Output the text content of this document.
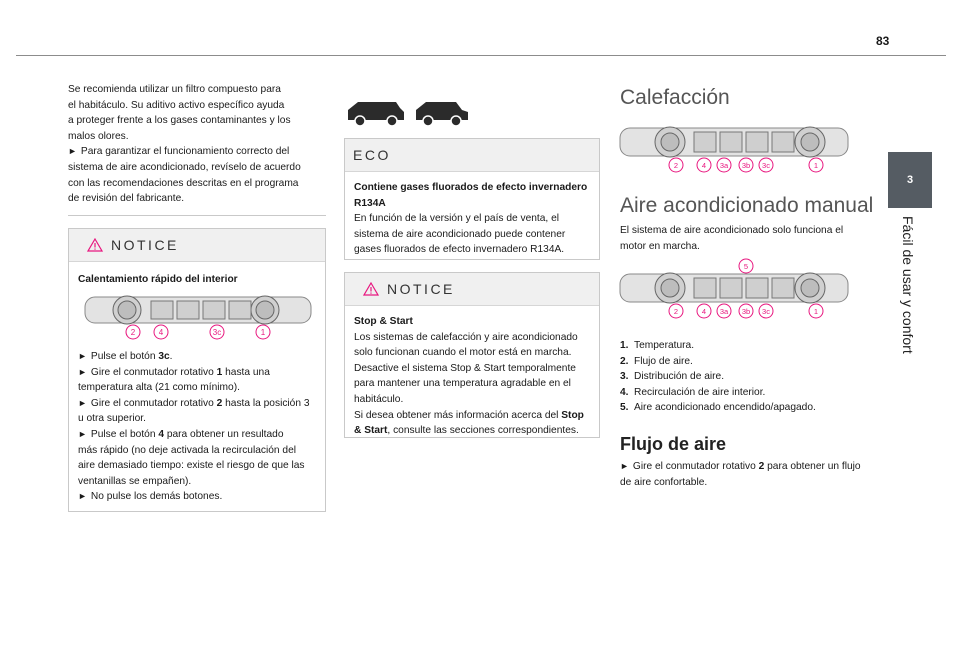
83
3
Fácil de usar y confort
Se recomienda utilizar un filtro compuesto para
el habitáculo. Su aditivo activo específico ayuda
a proteger frente a los gases contaminantes y los
malos olores.
► Para garantizar el funcionamiento correcto del
sistema de aire acondicionado, revíselo de acuerdo
con las recomendaciones descritas en el programa
de revisión del fabricante.
NOTICE

Calentamiento rápido del interior

2	4	3c	1
► Pulse el botón 3c.
► Gire el conmutador rotativo 1 hasta una
temperatura alta (21 como mínimo).
► Gire el conmutador rotativo 2 hasta la posición 3
u otra superior.
► Pulse el botón 4 para obtener un resultado
más rápido (no deje activada la recirculación del
aire demasiado tiempo: existe el riesgo de que las
ventanillas se empañen).
► No pulse los demás botones.
ECO

Contiene gases fluorados de efecto invernadero

R134A

En función de la versión y el país de venta, el

sistema de aire acondicionado puede contener

gases fluorados de efecto invernadero R134A.

NOTICE

Stop & Start

Los sistemas de calefacción y aire acondicionado

solo funcionan cuando el motor está en marcha.

Desactive el sistema Stop & Start temporalmente

para mantener una temperatura agradable en el

habitáculo.

Si desea obtener más información acerca del Stop

& Start, consulte las secciones correspondientes.

Calefacción
2	4 3a 3b 3c	1
Aire acondicionado manual
El sistema de aire acondicionado solo funciona el
motor en marcha.
5
2	4 3a 3b 3c	1
1. Temperatura.
2. Flujo de aire.
3. Distribución de aire.
4. Recirculación de aire interior.
5. Aire acondicionado encendido/apagado.
Flujo de aire
► Gire el conmutador rotativo 2 para obtener un flujo
de aire confortable.
